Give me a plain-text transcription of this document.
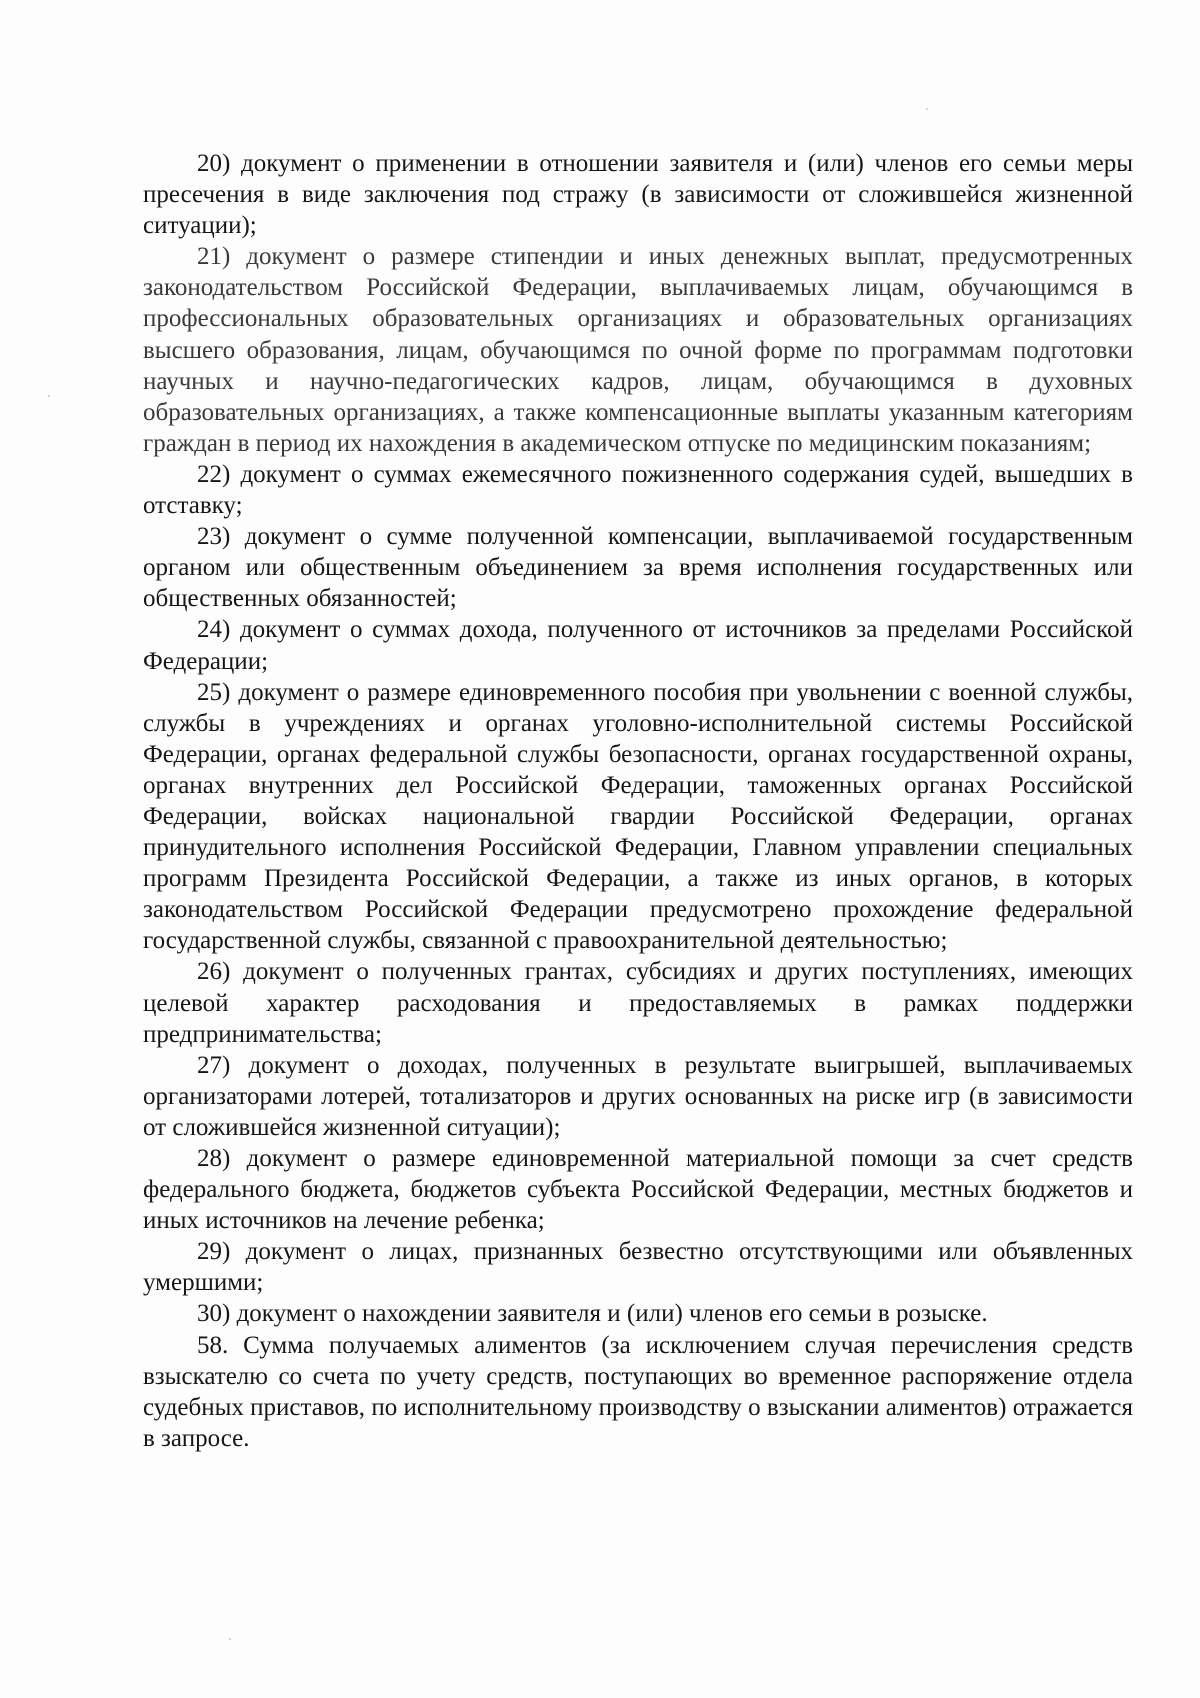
20) документ о применении в отношении заявителя и (или) членов его семьи меры пресечения в виде заключения под стражу (в зависимости от сложившейся жизненной ситуации);

21) документ о размере стипендии и иных денежных выплат, предусмотренных законодательством Российской Федерации, выплачиваемых лицам, обучающимся в профессиональных образовательных организациях и образовательных организациях высшего образования, лицам, обучающимся по очной форме по программам подготовки научных и научно-педагогических кадров, лицам, обучающимся в духовных образовательных организациях, а также компенсационные выплаты указанным категориям граждан в период их нахождения в академическом отпуске по медицинским показаниям;

22) документ о суммах ежемесячного пожизненного содержания судей, вышедших в отставку;

23) документ о сумме полученной компенсации, выплачиваемой государственным органом или общественным объединением за время исполнения государственных или общественных обязанностей;

24) документ о суммах дохода, полученного от источников за пределами Российской Федерации;

25) документ о размере единовременного пособия при увольнении с военной службы, службы в учреждениях и органах уголовно-исполнительной системы Российской Федерации, органах федеральной службы безопасности, органах государственной охраны, органах внутренних дел Российской Федерации, таможенных органах Российской Федерации, войсках национальной гвардии Российской Федерации, органах принудительного исполнения Российской Федерации, Главном управлении специальных программ Президента Российской Федерации, а также из иных органов, в которых законодательством Российской Федерации предусмотрено прохождение федеральной государственной службы, связанной с правоохранительной деятельностью;

26) документ о полученных грантах, субсидиях и других поступлениях, имеющих целевой характер расходования и предоставляемых в рамках поддержки предпринимательства;

27) документ о доходах, полученных в результате выигрышей, выплачиваемых организаторами лотерей, тотализаторов и других основанных на риске игр (в зависимости от сложившейся жизненной ситуации);

28) документ о размере единовременной материальной помощи за счет средств федерального бюджета, бюджетов субъекта Российской Федерации, местных бюджетов и иных источников на лечение ребенка;

29) документ о лицах, признанных безвестно отсутствующими или объявленных умершими;

30) документ о нахождении заявителя и (или) членов его семьи в розыске.

58. Сумма получаемых алиментов (за исключением случая перечисления средств взыскателю со счета по учету средств, поступающих во временное распоряжение отдела судебных приставов, по исполнительному производству о взыскании алиментов) отражается в запросе.
